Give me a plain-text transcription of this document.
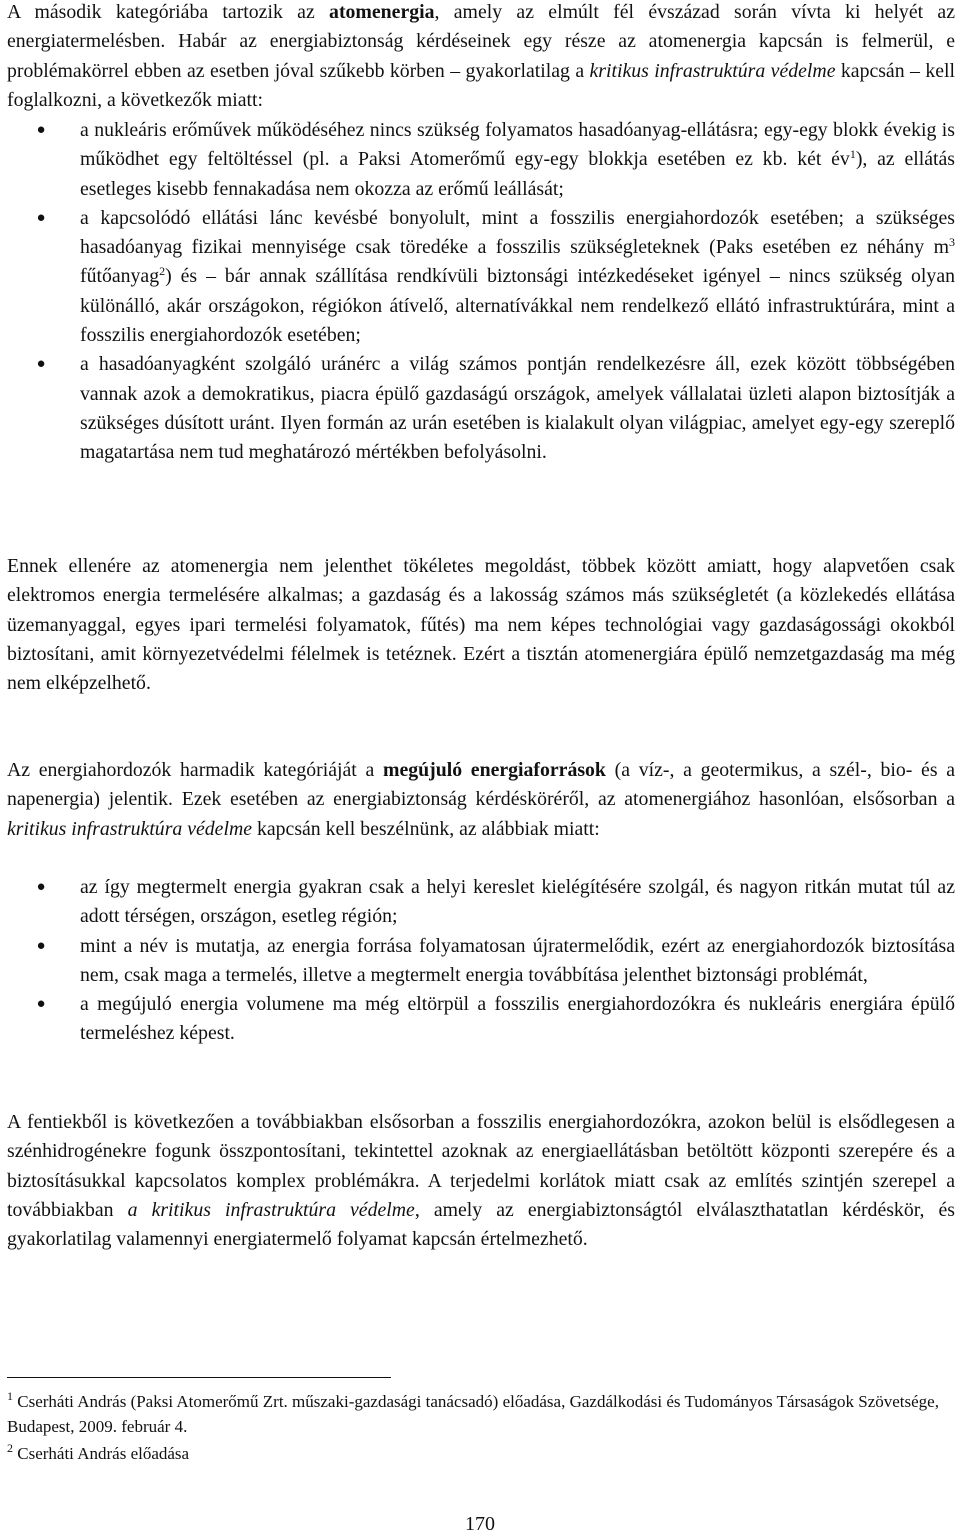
A második kategóriába tartozik az atomenergia, amely az elmúlt fél évszázad során vívta ki helyét az energiatermelésben. Habár az energiabiztonság kérdéseinek egy része az atomenergia kapcsán is felmerül, e problémakörrel ebben az esetben jóval szűkebb körben – gyakorlatilag a kritikus infrastruktúra védelme kapcsán – kell foglalkozni, a következők miatt:

● a nukleáris erőművek működéséhez nincs szükség folyamatos hasadóanyag-ellátásra; egy-egy blokk évekig is működhet egy feltöltéssel (pl. a Paksi Atomerőmű egy-egy blokkja esetében ez kb. két $év^1$), az ellátás esetleges kisebb fennakadása nem okozza az erőmű leállását;
● a kapcsolódó ellátási lánc kevésbé bonyolult, mint a fosszilis energiahordozók esetében; a szükséges hasadóanyag fizikai mennyisége csak töredéke a fosszilis szükségleteknek (Paks esetében ez néhány $m^3$ fűtőanyag$^2$) és – bár annak szállítása rendkívüli biztonsági intézkedéseket igényel – nincs szükség olyan különálló, akár országokon, régiókon átívelő, alternatívákkal nem rendelkező ellátó infrastruktúrára, mint a fosszilis energiahordozók esetében;
● a hasadóanyagként szolgáló uránérc a világ számos pontján rendelkezésre áll, ezek között többségében vannak azok a demokratikus, piacra épülő gazdaságú országok, amelyek vállalatai üzleti alapon biztosítják a szükséges dúsított uránt. Ilyen formán az urán esetében is kialakult olyan világpiac, amelyet egy-egy szereplő magatartása nem tud meghatározó mértékben befolyásolni.

Ennek ellenére az atomenergia nem jelenthet tökéletes megoldást, többek között amiatt, hogy alapvetően csak elektromos energia termelésére alkalmas; a gazdaság és a lakosság számos más szükségletét (a közlekedés ellátása üzemanyaggal, egyes ipari termelési folyamatok, fűtés) ma nem képes technológiai vagy gazdaságossági okokból biztosítani, amit környezetvédelmi félelmek is tetéznek. Ezért a tisztán atomenergiára épülő nemzetgazdaság ma még nem elképzelhető.

Az energiahordozók harmadik kategóriáját a megújuló energiaforrások (a víz-, a geotermikus, a szél-, bio- és a napenergia) jelentik. Ezek esetében az energiabiztonság kérdésköréről, az atomenergiához hasonlóan, elsősorban a kritikus infrastruktúra védelme kapcsán kell beszélnünk, az alábbiak miatt:

● az így megtermelt energia gyakran csak a helyi kereslet kielégítésére szolgál, és nagyon ritkán mutat túl az adott térségen, országon, esetleg régión;
● mint a név is mutatja, az energia forrása folyamatosan újratermelődik, ezért az energiahordozók biztosítása nem, csak maga a termelés, illetve a megtermelt energia továbbítása jelenthet biztonsági problémát,
● a megújuló energia volumene ma még eltörpül a fosszilis energiahordozókra és nukleáris energiára épülő termeléshez képest.

A fentiekből is következően a továbbiakban elsősorban a fosszilis energiahordozókra, azokon belül is elsődlegesen a szénhidrogénekre fogunk összpontosítani, tekintettel azoknak az energiaellátásban betöltött központi szerepére és a biztosításukkal kapcsolatos komplex problémákra. A terjedelmi korlátok miatt csak az említés szintjén szerepel a továbbiakban a kritikus infrastruktúra védelme, amely az energiabiztonságtól elválaszthatatlan kérdéskör, és gyakorlatilag valamennyi energiatermelő folyamat kapcsán értelmezhető.

$^1$ Cserháti András (Paksi Atomerőmű Zrt. műszaki-gazdasági tanácsadó) előadása, Gazdálkodási és Tudományos Társaságok Szövetsége, Budapest, 2009. február 4.

$^2$ Cserháti András előadása

170
